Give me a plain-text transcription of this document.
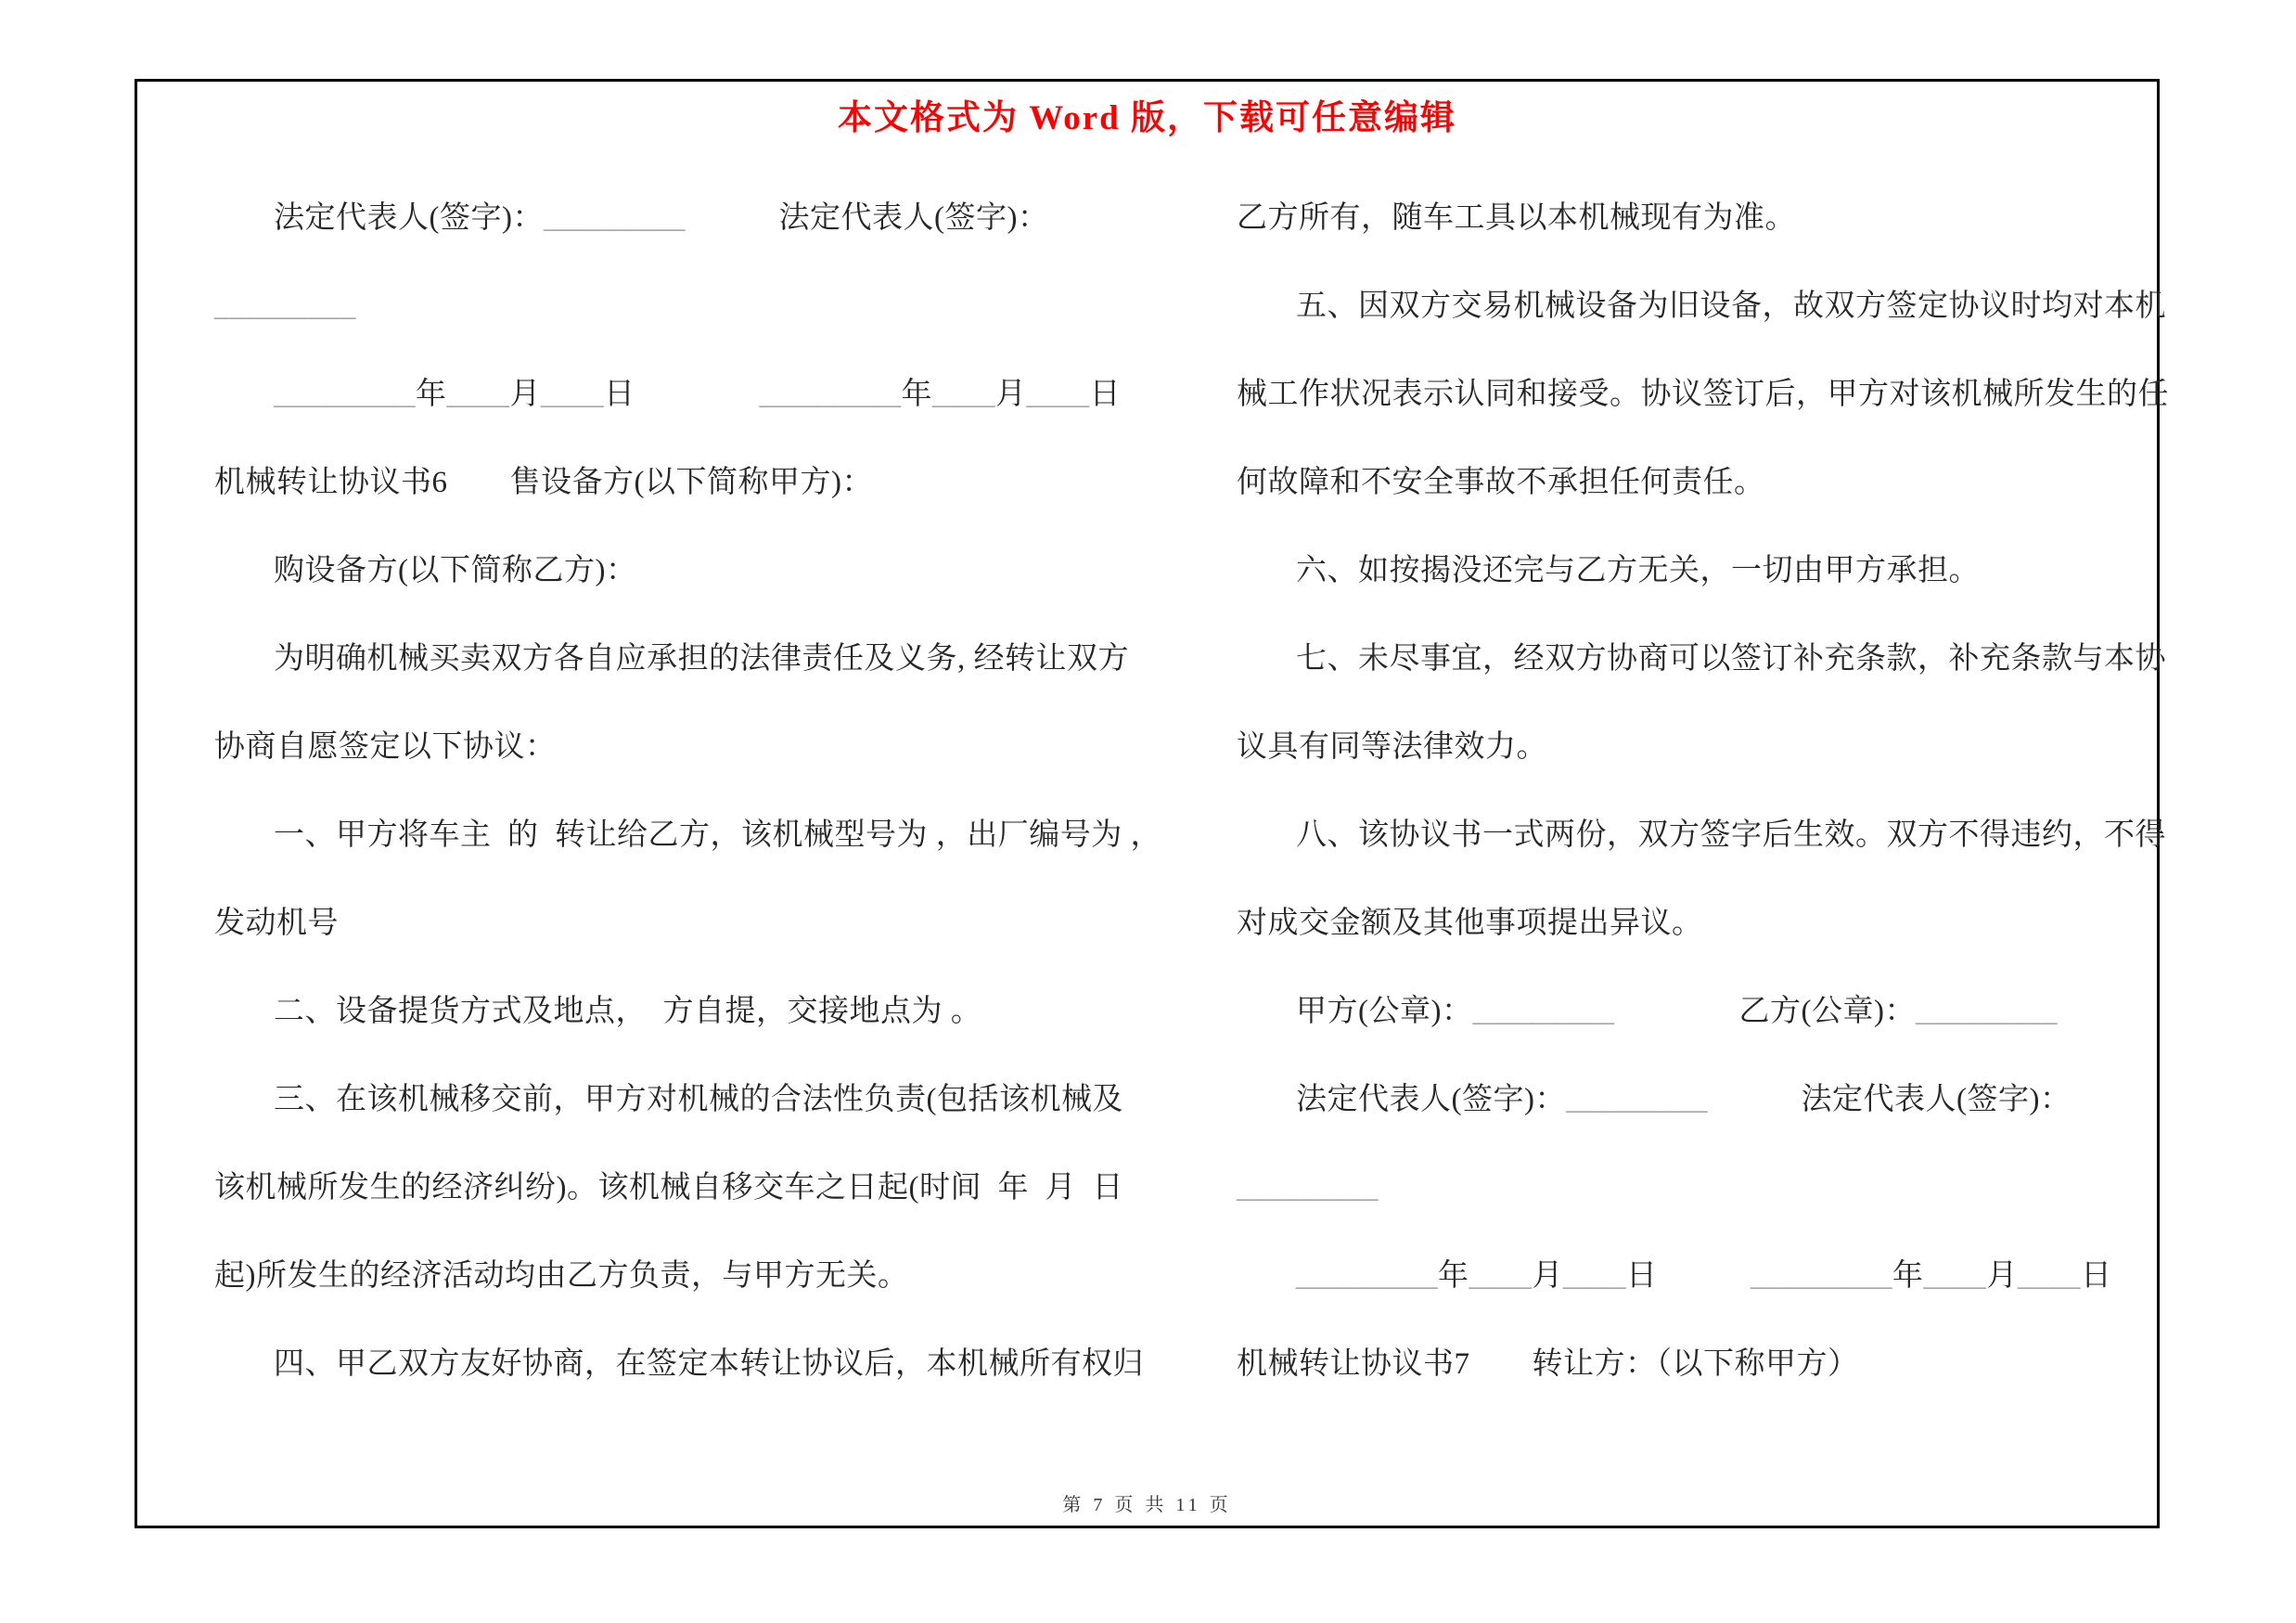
本文格式为 Word 版，下载可任意编辑
法定代表人(签字)：_________　　　法定代表人(签字)：
_________
_________年____月____日　　　　_________年____月____日
机械转让协议书6　　售设备方(以下简称甲方)：
购设备方(以下简称乙方)：
为明确机械买卖双方各自应承担的法律责任及义务, 经转让双方
协商自愿签定以下协议：
一、甲方将车主  的  转让给乙方，该机械型号为 ，出厂编号为 ，
发动机号
二、设备提货方式及地点，  方自提，交接地点为 。
三、在该机械移交前，甲方对机械的合法性负责(包括该机械及
该机械所发生的经济纠纷)。该机械自移交车之日起(时间  年  月  日
起)所发生的经济活动均由乙方负责，与甲方无关。
四、甲乙双方友好协商，在签定本转让协议后，本机械所有权归
乙方所有，随车工具以本机械现有为准。
五、因双方交易机械设备为旧设备，故双方签定协议时均对本机
械工作状况表示认同和接受。协议签订后，甲方对该机械所发生的任
何故障和不安全事故不承担任何责任。
六、如按揭没还完与乙方无关，一切由甲方承担。
七、未尽事宜，经双方协商可以签订补充条款，补充条款与本协
议具有同等法律效力。
八、该协议书一式两份，双方签字后生效。双方不得违约，不得
对成交金额及其他事项提出异议。
甲方(公章)：_________　　　　乙方(公章)：_________
法定代表人(签字)：_________　　　法定代表人(签字)：
_________
_________年____月____日　　　_________年____月____日
机械转让协议书7　　转让方：（以下称甲方）
第 7 页 共 11 页
